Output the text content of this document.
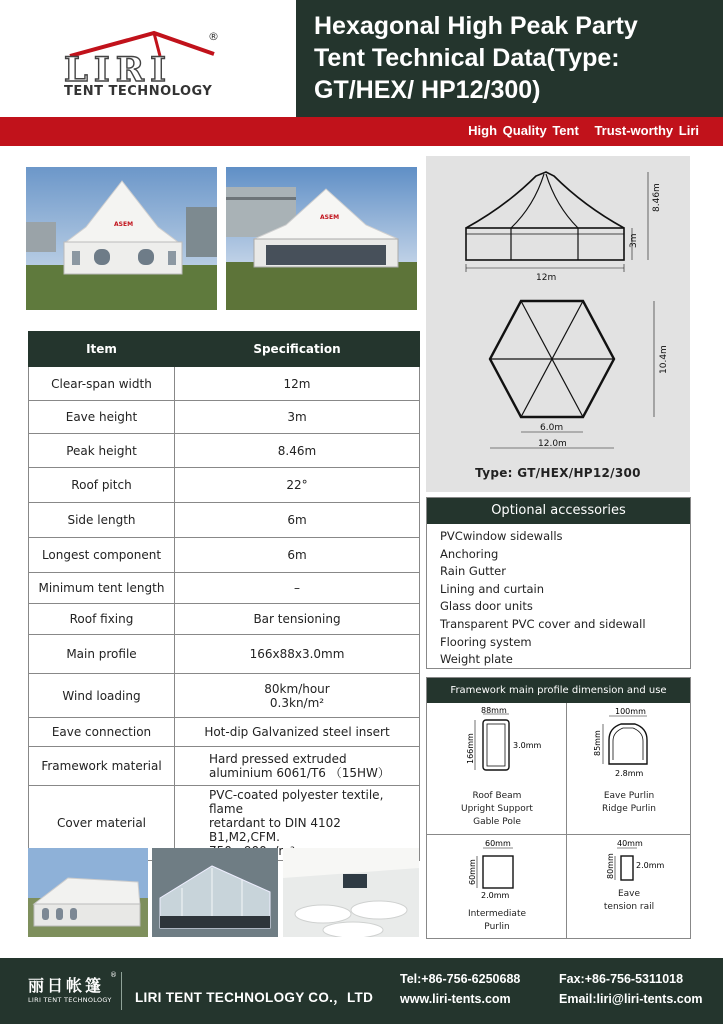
LIRI
®
TENT TECHNOLOGY
Hexagonal High Peak Party
Tent Technical Data(Type:
GT/HEX/ HP12/300)
High Quality Tent Trust-worthy Liri
ASEM
ASEM
Item	Specification
Clear-span width	12m
Eave height	3m
Peak height	8.46m
Roof pitch	22°
Side length	6m
Longest component	6m
Minimum tent length	–
Roof fixing	Bar tensioning
Main profile	166x88x3.0mm
Wind loading	80km/hour
0.3kn/m²

Eave connection	Hot-dip Galvanized steel insert
Framework material	Hard pressed extruded
aluminium 6061/T6 （15HW）

Cover material	PVC-coated polyester textile, flame
retardant to DIN 4102 B1,M2,CFM.
12m
8.46m
3m
6.0m
12.0m
10.4m
Type: GT/HEX/HP12/300
Optional accessories
PVCwindow sidewalls
Anchoring
Rain Gutter
Lining and curtain
Glass door units
Transparent PVC cover and sidewall
Flooring system
Weight plate
Framework main profile dimension and use
88mm
166mm	3.0mm
Roof Beam
Upright Support
Gable Pole
100mm
85mm
2.8mm
Eave Purlin
Ridge Purlin
60mm
60mm
2.0mm
Intermediate
Purlin
40mm
80mm	2.0mm
Eave
tension rail
丽日帐篷
®
LIRI TENT TECHNOLOGY LIRI TENT TECHNOLOGY CO.，LTD
Tel:+86-756-6250688
www.liri-tents.com
Fax:+86-756-5311018
Email:liri@liri-tents.com
